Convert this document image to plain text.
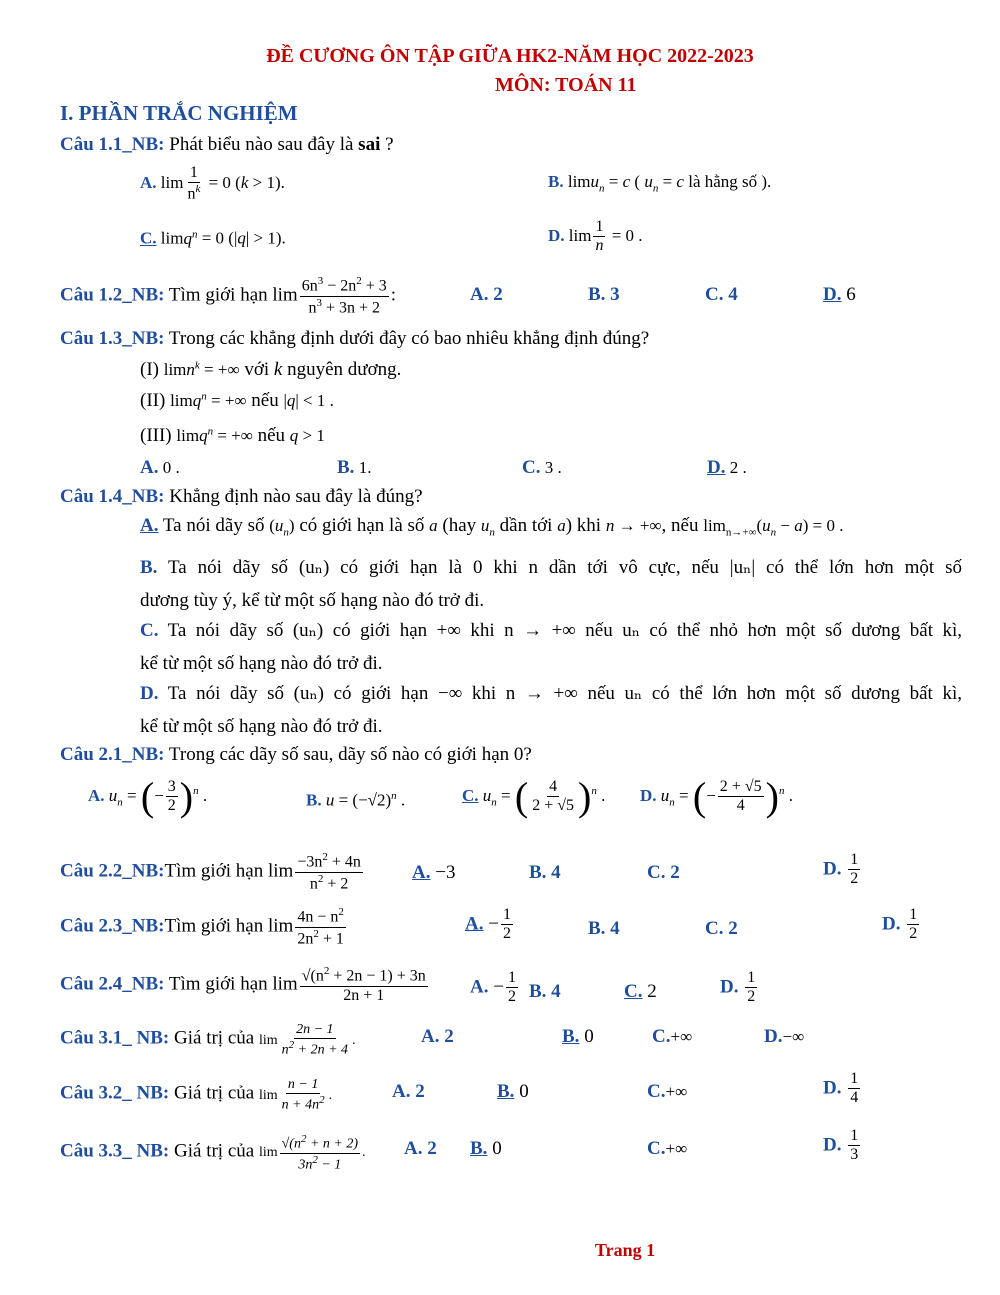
ĐỀ CƯƠNG ÔN TẬP GIỮA HK2-NĂM HỌC 2022-2023
MÔN: TOÁN 11
I. PHẦN TRẮC NGHIỆM
Câu 1.1_NB: Phát biểu nào sau đây là sai ?
A. $\lim \frac{1}{n^k} = 0$ (k > 1).	B. limu$_n$ = c ( $u_n = c$ là hằng số ).
C. limq$^n$ = 0 (|q| > 1).	D. $\lim \frac{1}{n} = 0$ .
Câu 1.2_NB: Tìm giới hạn $\lim \frac{6n^3 - 2n^2 + 3}{n^3 + 3n + 2}$ :	A. 2	B. 3	C. 4	D. 6
Câu 1.3_NB: Trong các khẳng định dưới đây có bao nhiêu khẳng định đúng?
(I) limn$^k$ = +∞ với k nguyên dương.
(II) limq$^n$ = +∞ nếu |q| < 1 .
(III) limq$^n$ = +∞ nếu q > 1
A. 0 .	B. 1.	C. 3 .	D. 2 .
Câu 1.4_NB: Khẳng định nào sau đây là đúng?
A. Ta nói dãy số $(u_n)$ có giới hạn là số a (hay $u_n$ dần tới a) khi n → +∞, nếu $\lim_{n\to+\infty}(u_n - a) = 0$ .
B. Ta nói dãy số (uₙ) có giới hạn là 0 khi n dần tới vô cực, nếu |uₙ| có thể lớn hơn một số
dương tùy ý, kể từ một số hạng nào đó trở đi.
C. Ta nói dãy số (uₙ) có giới hạn +∞ khi n → +∞ nếu uₙ có thể nhỏ hơn một số dương bất kì,
kể từ một số hạng nào đó trở đi.
D. Ta nói dãy số (uₙ) có giới hạn −∞ khi n → +∞ nếu uₙ có thể lớn hơn một số dương bất kì,
kể từ một số hạng nào đó trở đi.
Câu 2.1_NB: Trong các dãy số sau, dãy số nào có giới hạn 0?
A. $u_n$ = (− $\frac{3}{2} )^n$ .	B. $u = (-√2)^n$ .	C. $u_n$ = ( $\frac{4}{2 + √5} )^n$ . D. $u_n$ = (− $\frac{2 + √5}{4} )^n$ .
Câu 2.2_NB:Tìm giới hạn $\lim \frac{-3n^2 + 4n}{n^2 + 2}$	A. −3	B. 4	C. 2	D. $\frac{1}{2}$
Câu 2.3_NB:Tìm giới hạn $\lim \frac{4n - n^2}{2n^2 + 1}$	A. − $\frac{1}{2}$	B. 4	C. 2	D. $\frac{1}{2}$
Câu 2.4_NB: Tìm giới hạn $\lim \frac{√(n^2 + 2n - 1) + 3n}{2n + 1} A$. − $\frac{1}{2} B$. 4	C. 2	D. $\frac{1}{2}$
Câu 3.1_ NB: Giá trị của $\lim \frac{2n - 1}{n^2 + 2n + 4}$ .	A. 2	B. 0	C.+∞	D.−∞
Câu 3.2_ NB: Giá trị của $\lim \frac{n - 1}{n + 4n^2}$ .	A. 2	B. 0	C.+∞	D. $\frac{1}{4}$
Câu 3.3_ NB: Giá trị của $\lim \frac{√(n^2 + n + 2)}{3n^2 - 1}$ . A. 2 B. 0	C.+∞	D. $\frac{1}{3}$
Trang 1
